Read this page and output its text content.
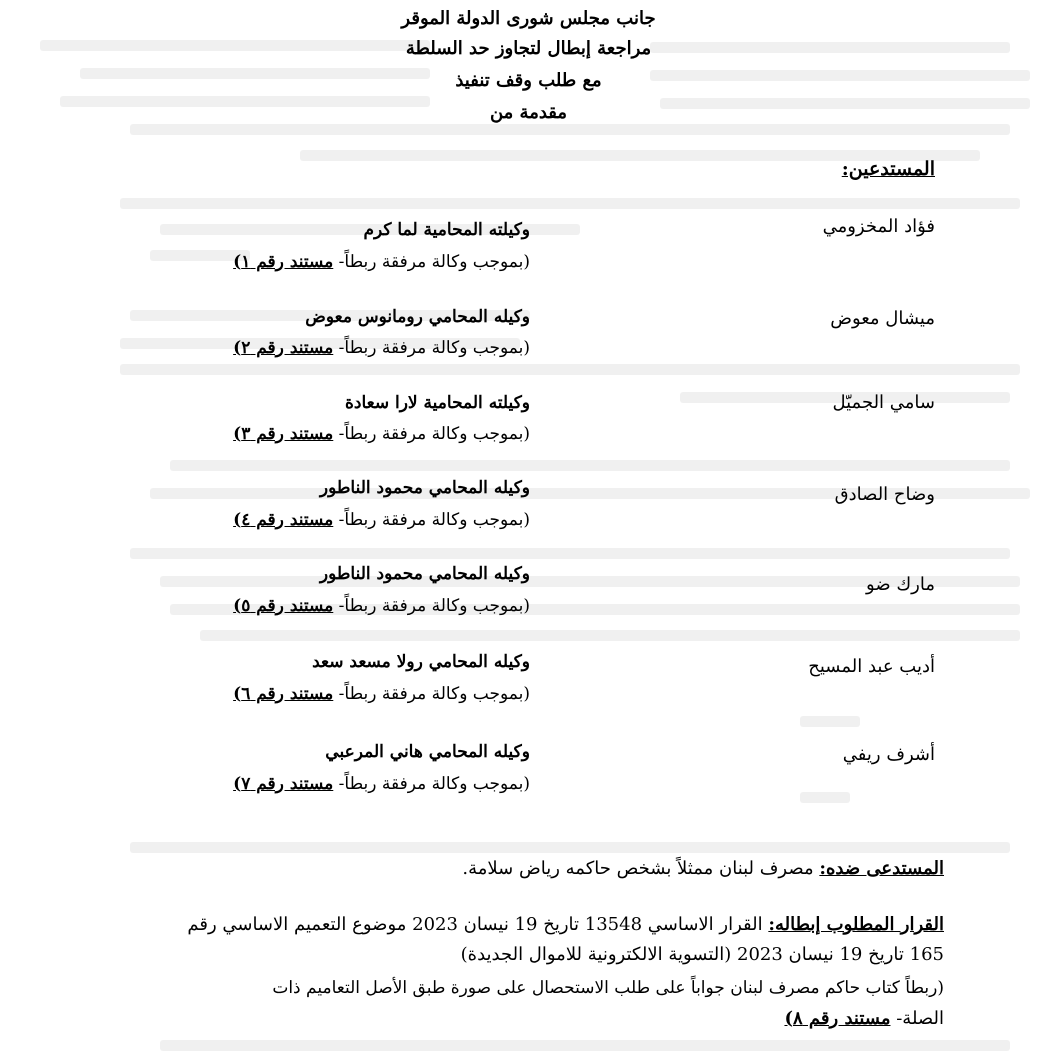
جانب مجلس شورى الدولة الموقر
مراجعة إبطال لتجاوز حد السلطة
مع طلب وقف تنفيذ
مقدمة من
المستدعين:
فؤاد المخزومي
وكيلته المحامية لما كرم
(بموجب وكالة مرفقة ربطاً- مستند رقم ١)
ميشال معوض
وكيله المحامي رومانوس معوض
(بموجب وكالة مرفقة ربطاً- مستند رقم ٢)
سامي الجميّل
وكيلته المحامية لارا سعادة
(بموجب وكالة مرفقة ربطاً- مستند رقم ٣)
وضاح الصادق
وكيله المحامي محمود الناطور
(بموجب وكالة مرفقة ربطاً- مستند رقم ٤)
مارك ضو
وكيله المحامي محمود الناطور
(بموجب وكالة مرفقة ربطاً- مستند رقم ٥)
أديب عبد المسيح
وكيله المحامي رولا مسعد سعد
(بموجب وكالة مرفقة ربطاً- مستند رقم ٦)
أشرف ريفي
وكيله المحامي هاني المرعبي
(بموجب وكالة مرفقة ربطاً- مستند رقم ٧)
المستدعى ضده: مصرف لبنان ممثلاً بشخص حاكمه رياض سلامة.
القرار المطلوب إبطاله: القرار الاساسي 13548 تاريخ 19 نيسان 2023 موضوع التعميم الاساسي رقم
165 تاريخ 19 نيسان 2023 (التسوية الالكترونية للاموال الجديدة)
(ربطاً كتاب حاكم مصرف لبنان جواباً على طلب الاستحصال على صورة طبق الأصل التعاميم ذات
الصلة- مستند رقم ٨)
